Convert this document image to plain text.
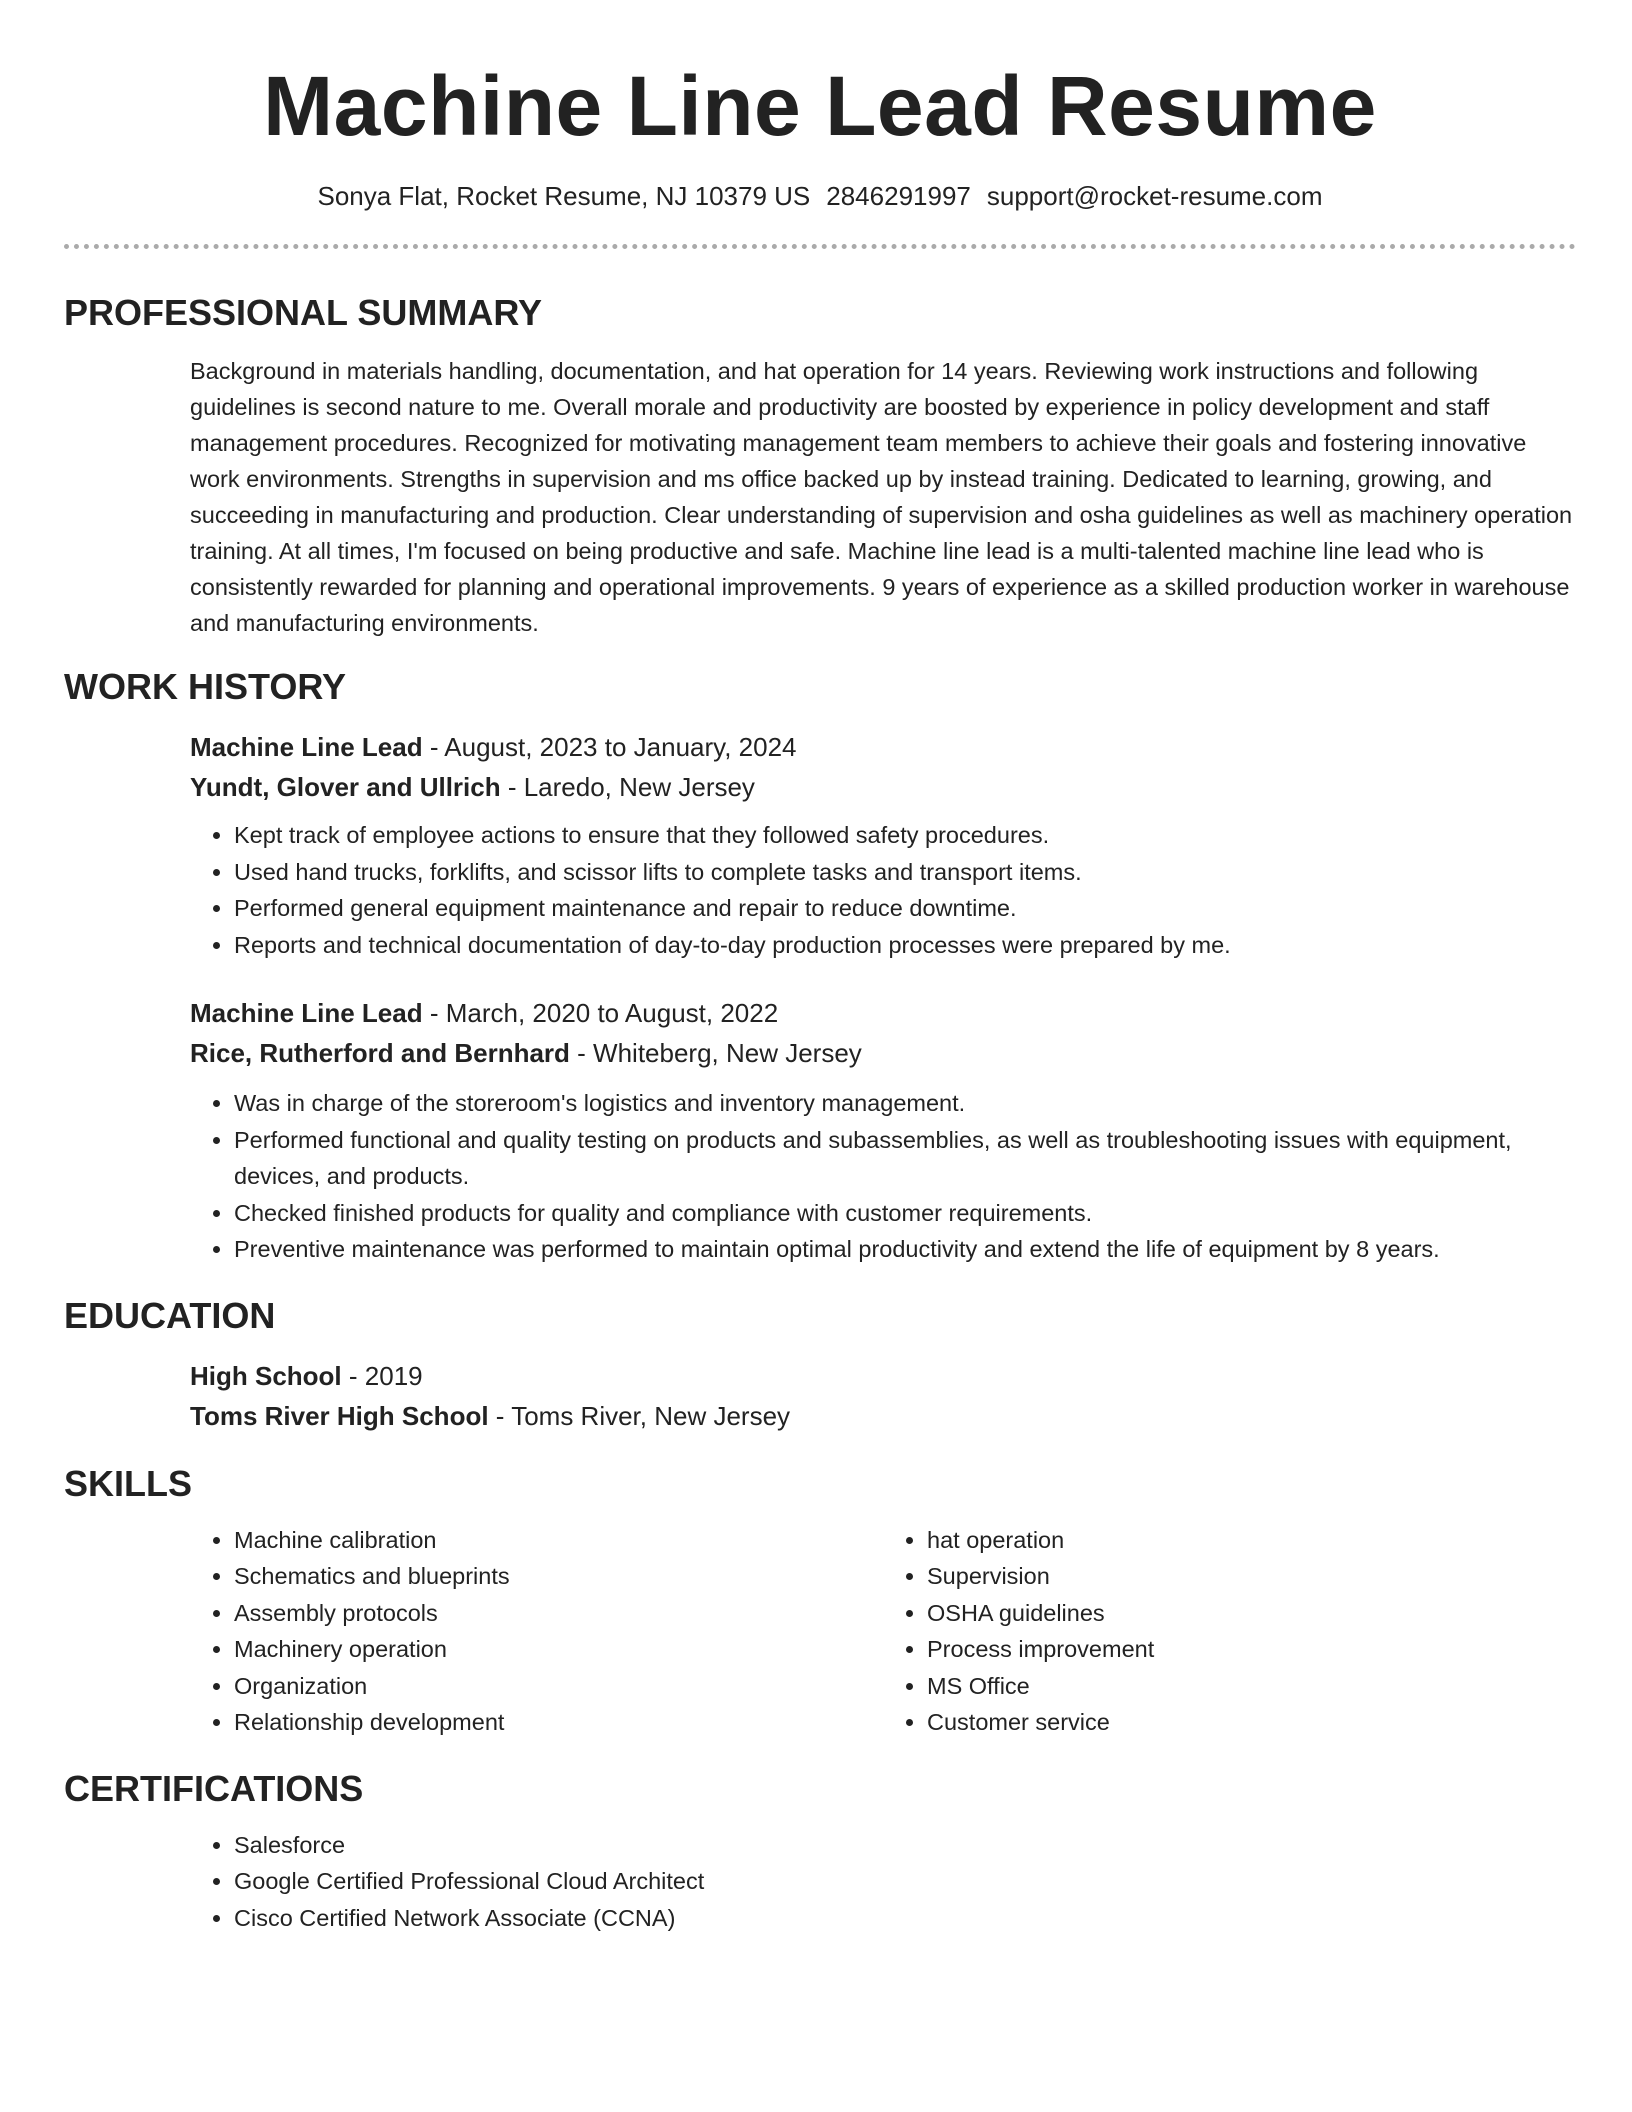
Machine Line Lead Resume
Sonya Flat, Rocket Resume, NJ 10379 US 2846291997 support@rocket-resume.com
PROFESSIONAL SUMMARY
Background in materials handling, documentation, and hat operation for 14 years. Reviewing work instructions and following guidelines is second nature to me. Overall morale and productivity are boosted by experience in policy development and staff management procedures. Recognized for motivating management team members to achieve their goals and fostering innovative work environments. Strengths in supervision and ms office backed up by instead training. Dedicated to learning, growing, and succeeding in manufacturing and production. Clear understanding of supervision and osha guidelines as well as machinery operation training. At all times, I'm focused on being productive and safe. Machine line lead is a multi-talented machine line lead who is consistently rewarded for planning and operational improvements. 9 years of experience as a skilled production worker in warehouse and manufacturing environments.
WORK HISTORY
Machine Line Lead - August, 2023 to January, 2024
Yundt, Glover and Ullrich - Laredo, New Jersey
• Kept track of employee actions to ensure that they followed safety procedures.
• Used hand trucks, forklifts, and scissor lifts to complete tasks and transport items.
• Performed general equipment maintenance and repair to reduce downtime.
• Reports and technical documentation of day-to-day production processes were prepared by me.
Machine Line Lead - March, 2020 to August, 2022
Rice, Rutherford and Bernhard - Whiteberg, New Jersey
• Was in charge of the storeroom's logistics and inventory management.
• Performed functional and quality testing on products and subassemblies, as well as troubleshooting issues with equipment, devices, and products.
• Checked finished products for quality and compliance with customer requirements.
• Preventive maintenance was performed to maintain optimal productivity and extend the life of equipment by 8 years.
EDUCATION
High School - 2019
Toms River High School - Toms River, New Jersey
SKILLS
• Machine calibration
• Schematics and blueprints
• Assembly protocols
• Machinery operation
• Organization
• Relationship development
• hat operation
• Supervision
• OSHA guidelines
• Process improvement
• MS Office
• Customer service
CERTIFICATIONS
• Salesforce
• Google Certified Professional Cloud Architect
• Cisco Certified Network Associate (CCNA)
